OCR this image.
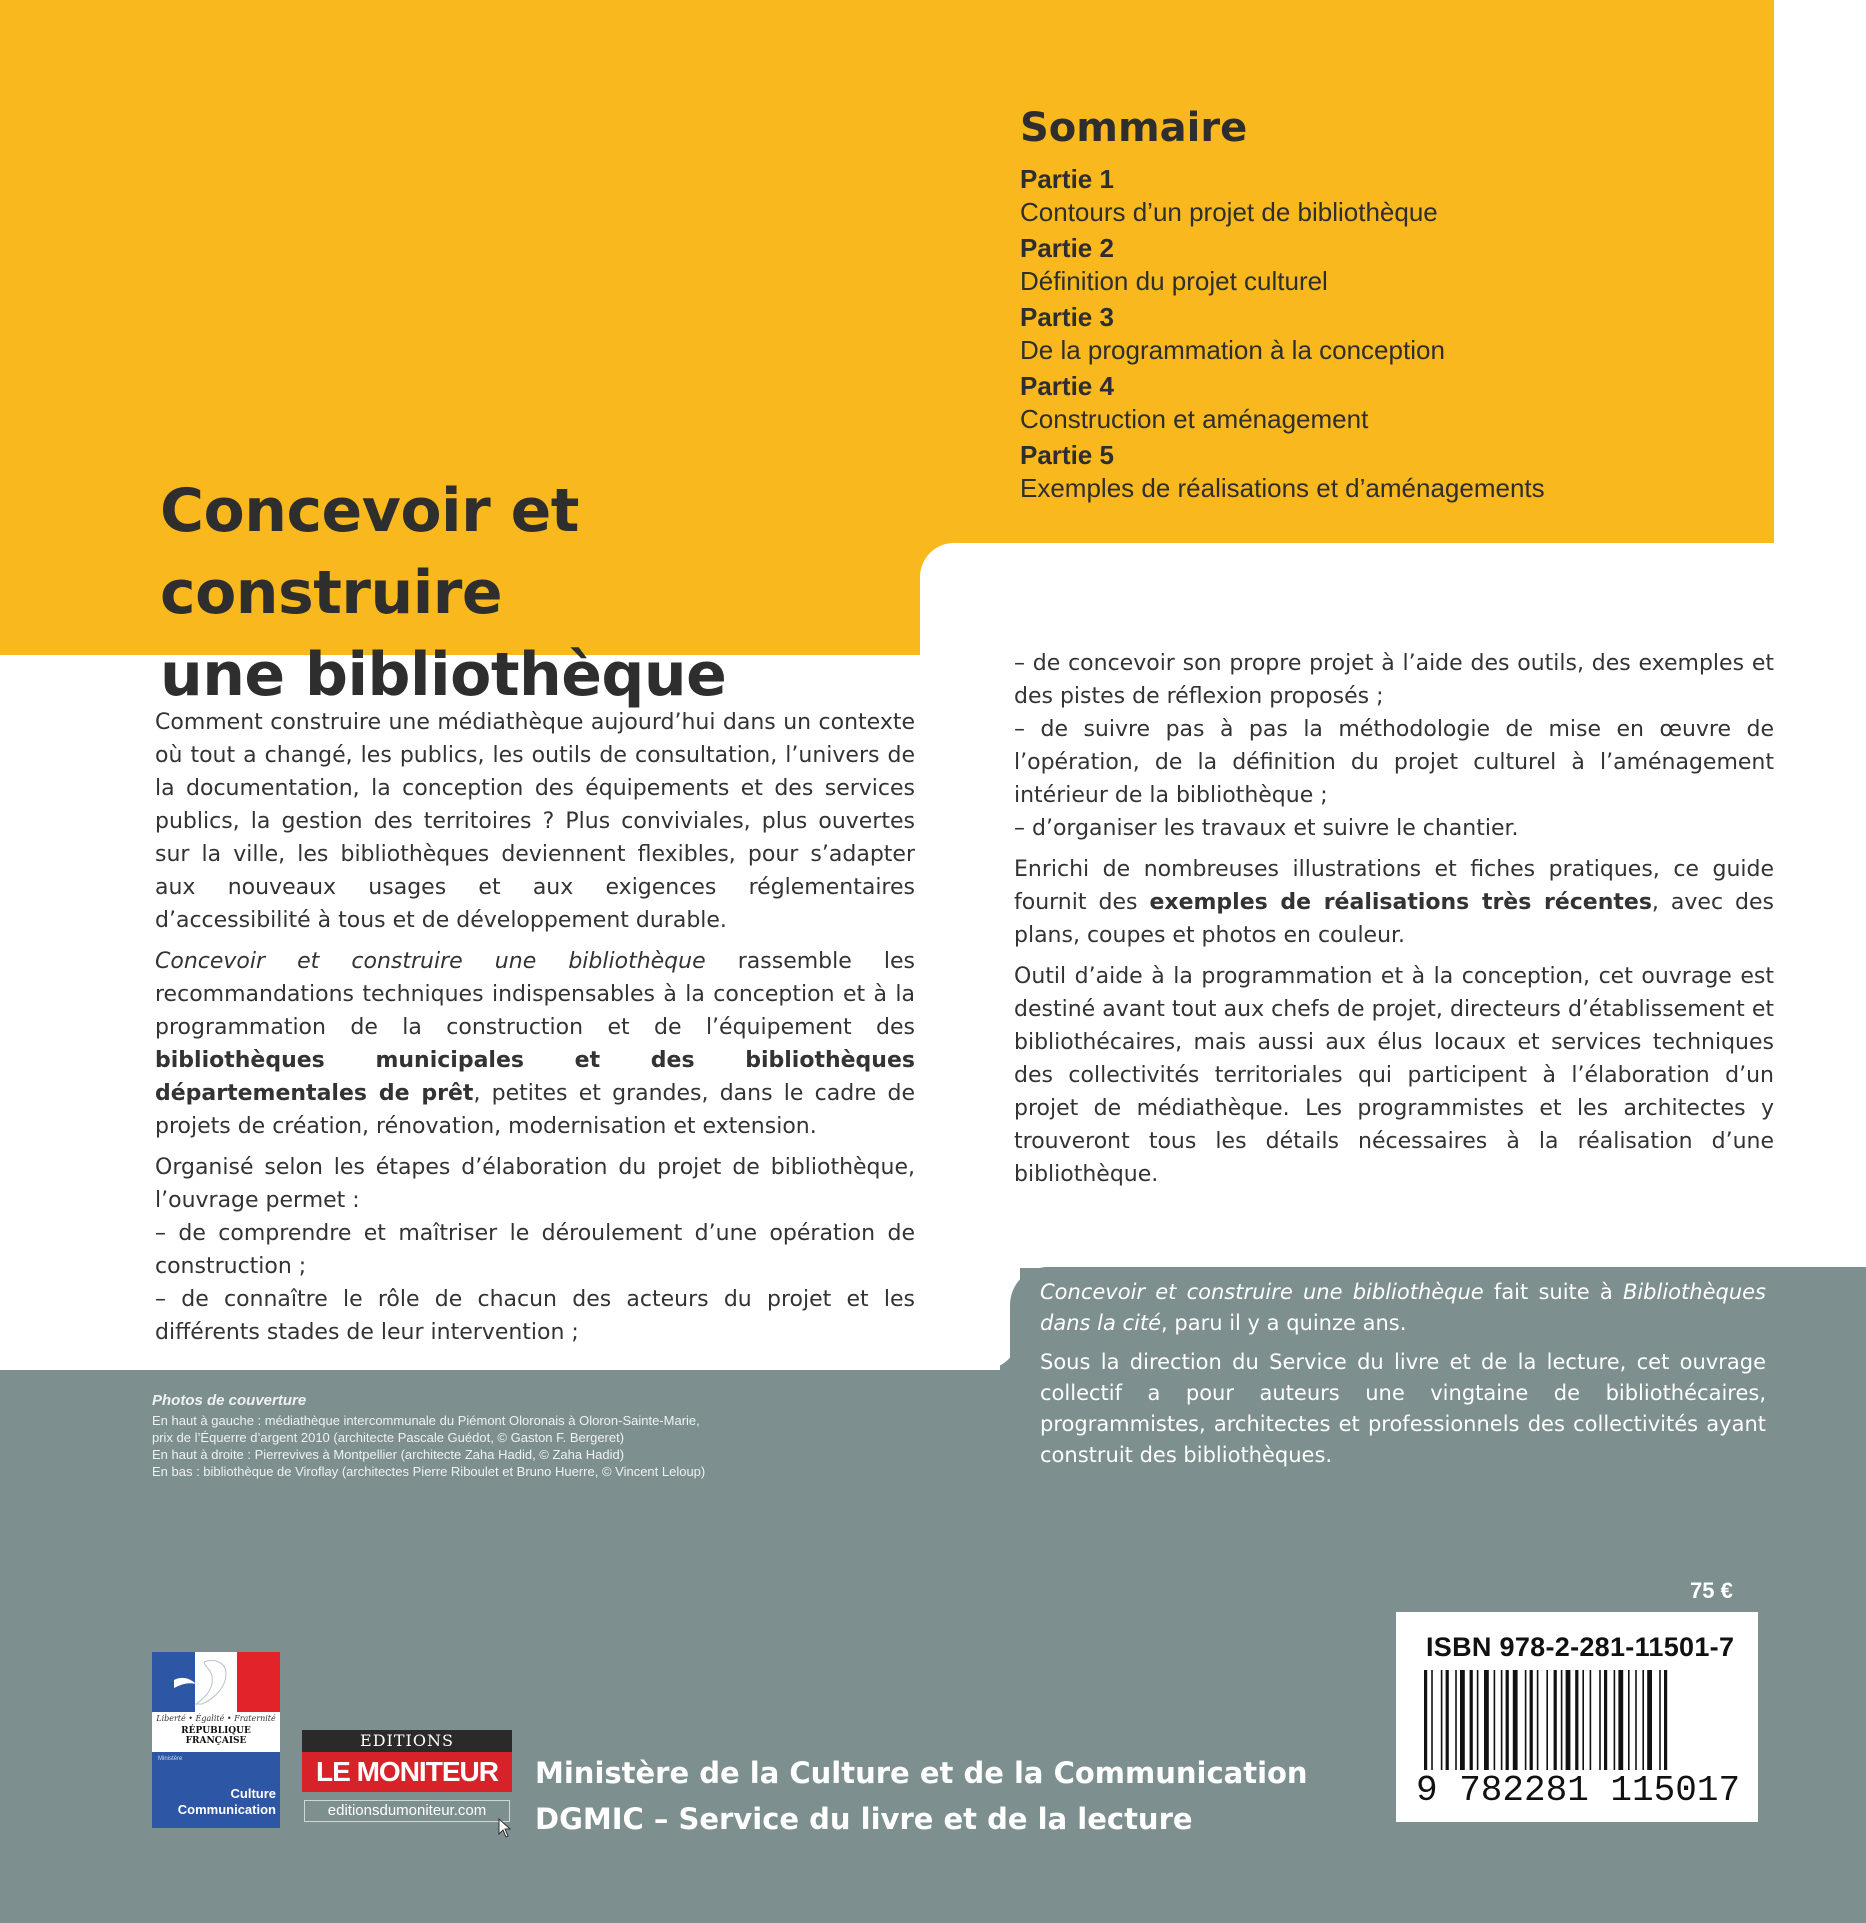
Concevoir et construire
une bibliothèque
Sommaire
Partie 1
Contours d’un projet de bibliothèque
Partie 2
Définition du projet culturel
Partie 3
De la programmation à la conception
Partie 4
Construction et aménagement
Partie 5
Exemples de réalisations et d’aménagements

Comment construire une médiathèque aujourd’hui dans un contexte où tout a changé, les publics, les outils de consultation, l’univers de la documentation, la conception des équipements et des services publics, la gestion des territoires ? Plus conviviales, plus ouvertes sur la ville, les bibliothèques deviennent flexibles, pour s’adapter aux nouveaux usages et aux exigences réglementaires d’accessibilité à tous et de développement durable.

Concevoir et construire une bibliothèque rassemble les recommandations techniques indispensables à la conception et à la programmation de la construction et de l’équipement des bibliothèques municipales et des bibliothèques départementales de prêt, petites et grandes, dans le cadre de projets de création, rénovation, modernisation et extension.

Organisé selon les étapes d’élaboration du projet de bibliothèque, l’ouvrage permet :

– de comprendre et maîtriser le déroulement d’une opération de construction ;

– de connaître le rôle de chacun des acteurs du projet et les différents stades de leur intervention ;

– de concevoir son propre projet à l’aide des outils, des exemples et des pistes de réflexion proposés ;

– de suivre pas à pas la méthodologie de mise en œuvre de l’opération, de la définition du projet culturel à l’aménagement intérieur de la bibliothèque ;

– d’organiser les travaux et suivre le chantier.

Enrichi de nombreuses illustrations et fiches pratiques, ce guide fournit des exemples de réalisations très récentes, avec des plans, coupes et photos en couleur.

Outil d’aide à la programmation et à la conception, cet ouvrage est destiné avant tout aux chefs de projet, directeurs d’établissement et bibliothécaires, mais aussi aux élus locaux et services techniques des collectivités territoriales qui participent à l’élaboration d’un projet de médiathèque. Les programmistes et les architectes y trouveront tous les détails nécessaires à la réalisation d’une bibliothèque.

Concevoir et construire une bibliothèque fait suite à Bibliothèques dans la cité, paru il y a quinze ans.

Sous la direction du Service du livre et de la lecture, cet ouvrage collectif a pour auteurs une vingtaine de bibliothécaires, programmistes, architectes et professionnels des collectivités ayant construit des bibliothèques.

Photos de couverture
En haut à gauche : médiathèque intercommunale du Piémont Oloronais à Oloron-Sainte-Marie,
prix de l’Équerre d’argent 2010 (architecte Pascale Guédot, © Gaston F. Bergeret)
En haut à droite : Pierrevives à Montpellier (architecte Zaha Hadid, © Zaha Hadid)
En bas : bibliothèque de Viroflay (architectes Pierre Riboulet et Bruno Huerre, © Vincent Leloup)
75 €
ISBN 978-2-281-11501-7
9 782281 115017
Liberté • Égalité • Fraternité
RÉPUBLIQUE FRANÇAISE
Ministère
Culture
Communication
EDITIONS
LE MONITEUR
editionsdumoniteur.com
Ministère de la Culture et de la Communication
DGMIC – Service du livre et de la lecture
